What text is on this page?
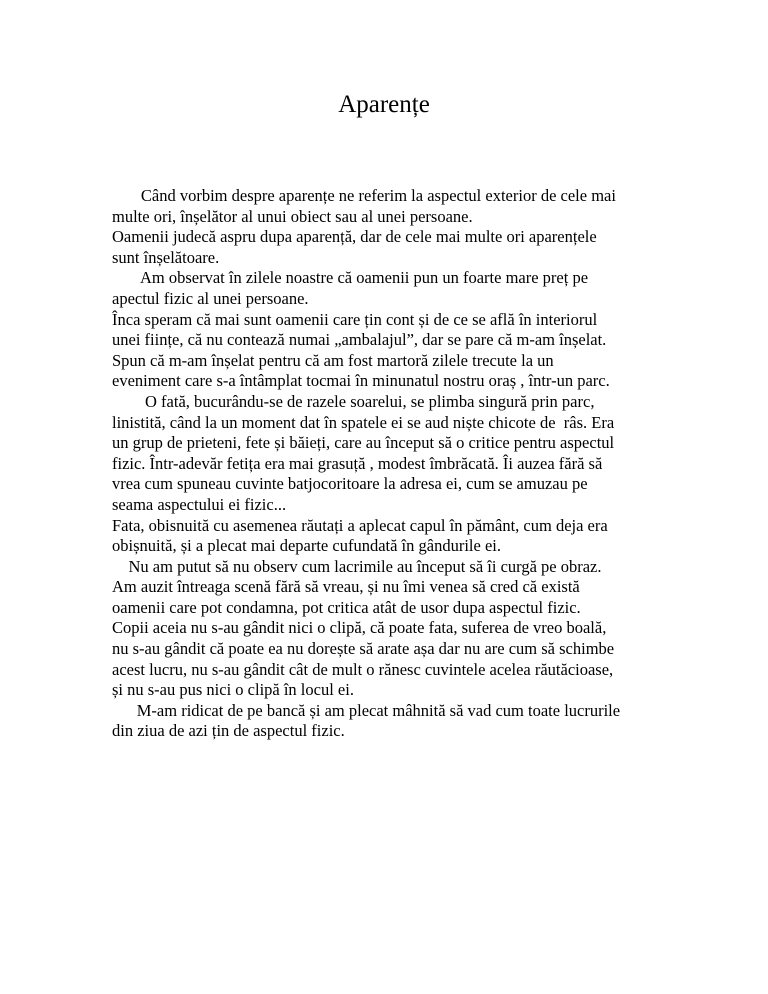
Aparențe
Când vorbim despre aparențe ne referim la aspectul exterior de cele mai
multe ori, înșelător al unui obiect sau al unei persoane.
Oamenii judecă aspru dupa aparență, dar de cele mai multe ori aparențele
sunt înșelătoare.
Am observat în zilele noastre că oamenii pun un foarte mare preț pe
apectul fizic al unei persoane.
Înca speram că mai sunt oamenii care țin cont și de ce se află în interiorul
unei ființe, că nu contează numai „ambalajul”, dar se pare că m-am înșelat.
Spun că m-am înșelat pentru că am fost martoră zilele trecute la un
eveniment care s-a întâmplat tocmai în minunatul nostru oraș , într-un parc.
O fată, bucurându-se de razele soarelui, se plimba singură prin parc,
linistită, când la un moment dat în spatele ei se aud niște chicote de  râs. Era
un grup de prieteni, fete și băieți, care au început să o critice pentru aspectul
fizic. Într-adevăr fetița era mai grasuță , modest îmbrăcată. Îi auzea fără să
vrea cum spuneau cuvinte batjocoritoare la adresa ei, cum se amuzau pe
seama aspectului ei fizic...
Fata, obisnuită cu asemenea răutați a aplecat capul în pământ, cum deja era
obișnuită, și a plecat mai departe cufundată în gândurile ei.
Nu am putut să nu observ cum lacrimile au început să îi curgă pe obraz.
Am auzit întreaga scenă fără să vreau, și nu îmi venea să cred că există
oamenii care pot condamna, pot critica atât de usor dupa aspectul fizic.
Copii aceia nu s-au gândit nici o clipă, că poate fata, suferea de vreo boală,
nu s-au gândit că poate ea nu dorește să arate așa dar nu are cum să schimbe
acest lucru, nu s-au gândit cât de mult o rănesc cuvintele acelea răutăcioase,
și nu s-au pus nici o clipă în locul ei.
M-am ridicat de pe bancă și am plecat mâhnită să vad cum toate lucrurile
din ziua de azi țin de aspectul fizic.
